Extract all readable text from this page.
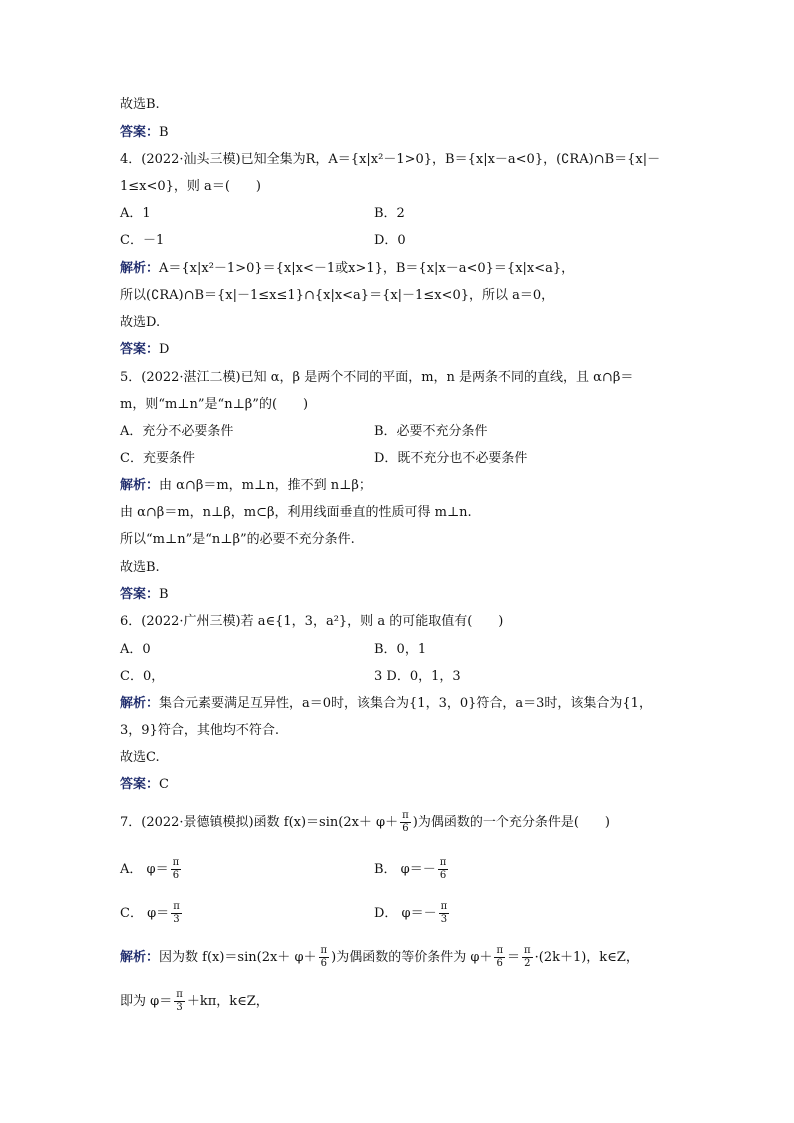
故选B.
答案：B
4．(2022·汕头三模)已知全集为R，A＝{x|x²－1>0}，B＝{x|x－a<0}，(∁RA)∩B＝{x|－
1≤x<0}，则 a＝(　　)
A．1	B．2
C．－1	D．0
解析：A＝{x|x²－1>0}＝{x|x<－1或x>1}，B＝{x|x－a<0}＝{x|x<a}，
所以(∁RA)∩B＝{x|－1≤x≤1}∩{x|x<a}＝{x|－1≤x<0}，所以 a＝0，
故选D.
答案：D
5．(2022·湛江二模)已知 α，β 是两个不同的平面，m，n 是两条不同的直线，且 α∩β＝
m，则“m⊥n”是“n⊥β”的(　　)
A．充分不必要条件	B．必要不充分条件
C．充要条件	D．既不充分也不必要条件
解析：由 α∩β＝m，m⊥n，推不到 n⊥β；
由 α∩β＝m，n⊥β，m⊂β，利用线面垂直的性质可得 m⊥n.
所以“m⊥n”是“n⊥β”的必要不充分条件.
故选B.
答案：B
6．(2022·广州三模)若 a∈{1，3，a²}，则 a 的可能取值有(　　)
A．0	B．0，1
C．0，	3 D．0，1，3
解析：集合元素要满足互异性，a＝0时，该集合为{1，3，0}符合，a＝3时，该集合为{1，
3，9}符合，其他均不符合.
故选C.
答案：C
7．(2022·景德镇模拟)函数 $f(x)=\sin(2x+ \varphi+ \frac{\pi}{6}$ )为偶函数的一个充分条件是(　　)
A． $\varphi= \frac{\pi}{6}$	B． $\varphi=- \frac{\pi}{6}$
C． $\varphi= \frac{\pi}{3}$	D． $\varphi=- \frac{\pi}{3}$
解析：因为数 $f(x)=\sin(2x+ \varphi+ \frac{\pi}{6}$ )为偶函数的等价条件为 $\varphi+ \frac{\pi}{6} = \frac{\pi}{2} \cdot(2k+1)$，k∈Z，
即为 $\varphi= \frac{\pi}{3} +k\pi$，k∈Z，
